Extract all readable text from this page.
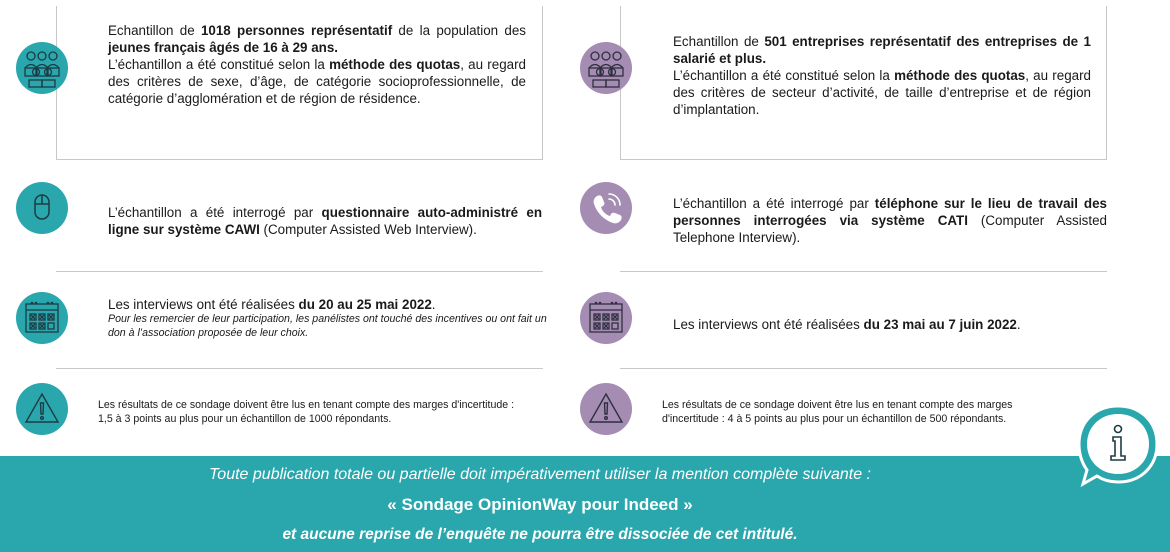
Echantillon de 1018 personnes représentatif de la population des jeunes français âgés de 16 à 29 ans.
L’échantillon a été constitué selon la méthode des quotas, au regard des critères de sexe, d’âge, de catégorie socioprofessionnelle, de catégorie d’agglomération et de région de résidence.
L’échantillon a été interrogé par questionnaire auto-administré en ligne sur système CAWI (Computer Assisted Web Interview).
Les interviews ont été réalisées du 20 au 25 mai 2022.
Pour les remercier de leur participation, les panélistes ont touché des incentives ou ont fait un don à l’association proposée de leur choix.
Les résultats de ce sondage doivent être lus en tenant compte des marges d'incertitude : 1,5 à 3 points au plus pour un échantillon de 1000 répondants.
Echantillon de 501 entreprises représentatif des entreprises de 1 salarié et plus.
L’échantillon a été constitué selon la méthode des quotas, au regard des critères de secteur d’activité, de taille d’entreprise et de région d’implantation.
L’échantillon a été interrogé par téléphone sur le lieu de travail des personnes interrogées via système CATI (Computer Assisted Telephone Interview).
Les interviews ont été réalisées du 23 mai au 7 juin 2022.
Les résultats de ce sondage doivent être lus en tenant compte des marges d'incertitude : 4 à 5 points au plus pour un échantillon de 500 répondants.
Toute publication totale ou partielle doit impérativement utiliser la mention complète suivante :
« Sondage OpinionWay pour Indeed »
et aucune reprise de l’enquête ne pourra être dissociée de cet intitulé.
